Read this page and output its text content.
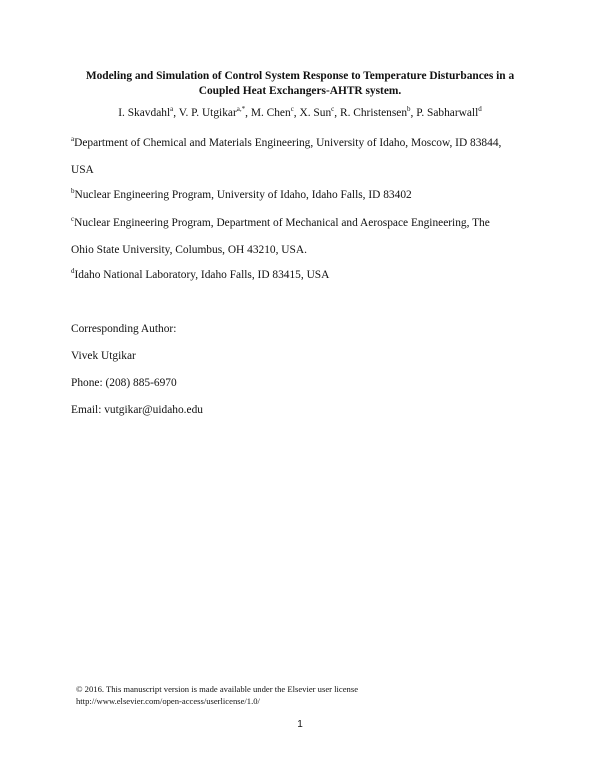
Modeling and Simulation of Control System Response to Temperature Disturbances in a
Coupled Heat Exchangers-AHTR system.
I. Skavdahl$^a$, V. P. Utgikar$^{a,*}$, M. Chen$^c$, X. Sun$^c$, R. Christensen$^b$, P. Sabharwall$^d$
$^a$Department of Chemical and Materials Engineering, University of Idaho, Moscow, ID 83844,
USA
$^b$Nuclear Engineering Program, University of Idaho, Idaho Falls, ID 83402
$^c$Nuclear Engineering Program, Department of Mechanical and Aerospace Engineering, The
Ohio State University, Columbus, OH 43210, USA.
$^d$Idaho National Laboratory, Idaho Falls, ID 83415, USA
Corresponding Author:
Vivek Utgikar
Phone: (208) 885-6970
Email: vutgikar@uidaho.edu
© 2016. This manuscript version is made available under the Elsevier user license
http://www.elsevier.com/open-access/userlicense/1.0/
1
